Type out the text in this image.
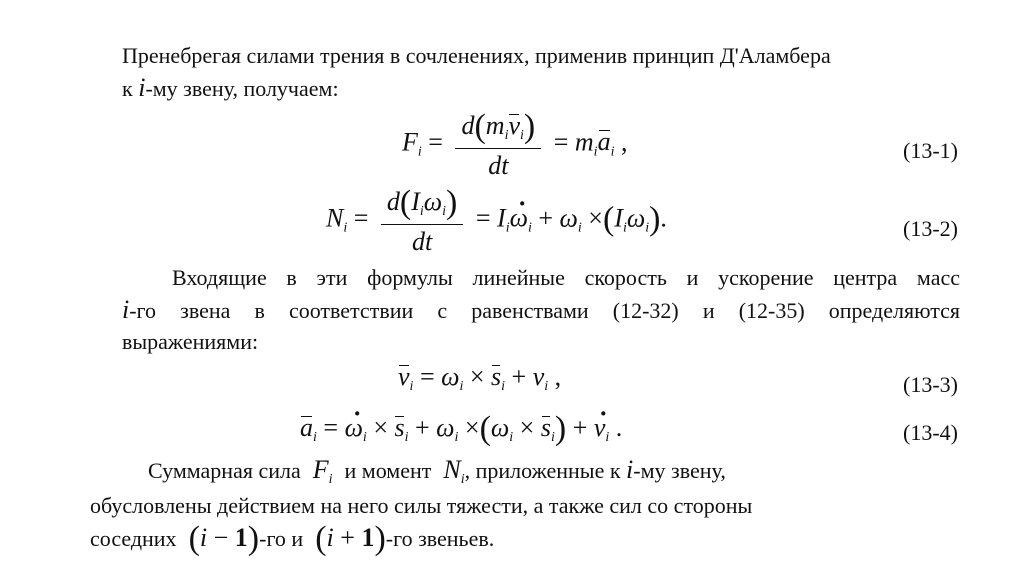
Пренебрегая силами трения в сочленениях, применив принцип Д'Аламбера
к i-му звену, получаем:
$F_i = \frac{d(m_iv_i)}{dt} = m_ia_i$ ,	(13-1)
$N_i = \frac{d(I_i\omega_i)}{dt} = I_i\cdot \omega_i + \omega_i \times(I_i\omega_i)$.	(13-2)
Входящие в эти формулы линейные скорость и ускорение центра масс
i-го звена в соответствии с равенствами (12-32) и (12-35) определяются
выражениями:
$v_i = \omega_i \times s_i + v_i$ ,	(13-3)
$a_i$ = · $\omega_i \times s_i + \omega_i \times(\omega_i \times s_i)$ + · $v_i$ .	(13-4)
Суммарная сила  $F_i$ и момент  $N_i$, приложенные к i-му звену,
обусловлены действием на него силы тяжести, а также сил со стороны
соседних (i − 1)-го и (i + 1)-го звеньев.
